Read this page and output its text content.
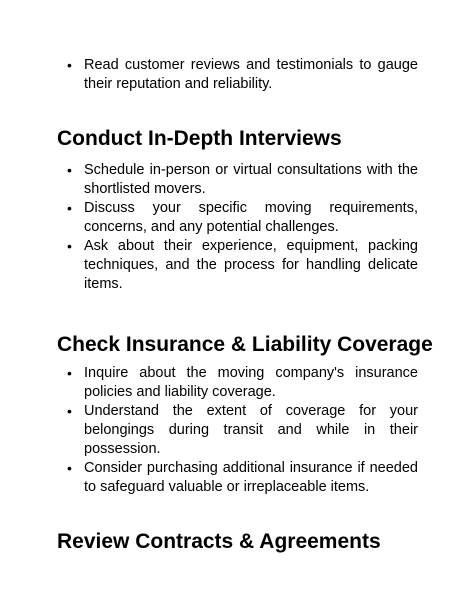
• Read customer reviews and testimonials to gauge their reputation and reliability.
Conduct In-Depth Interviews
• Schedule in-person or virtual consultations with the shortlisted movers.
• Discuss your specific moving requirements, concerns, and any potential challenges.
• Ask about their experience, equipment, packing techniques, and the process for handling delicate items.
Check Insurance & Liability Coverage
• Inquire about the moving company's insurance policies and liability coverage.
• Understand the extent of coverage for your belongings during transit and while in their possession.
• Consider purchasing additional insurance if needed to safeguard valuable or irreplaceable items.
Review Contracts & Agreements
